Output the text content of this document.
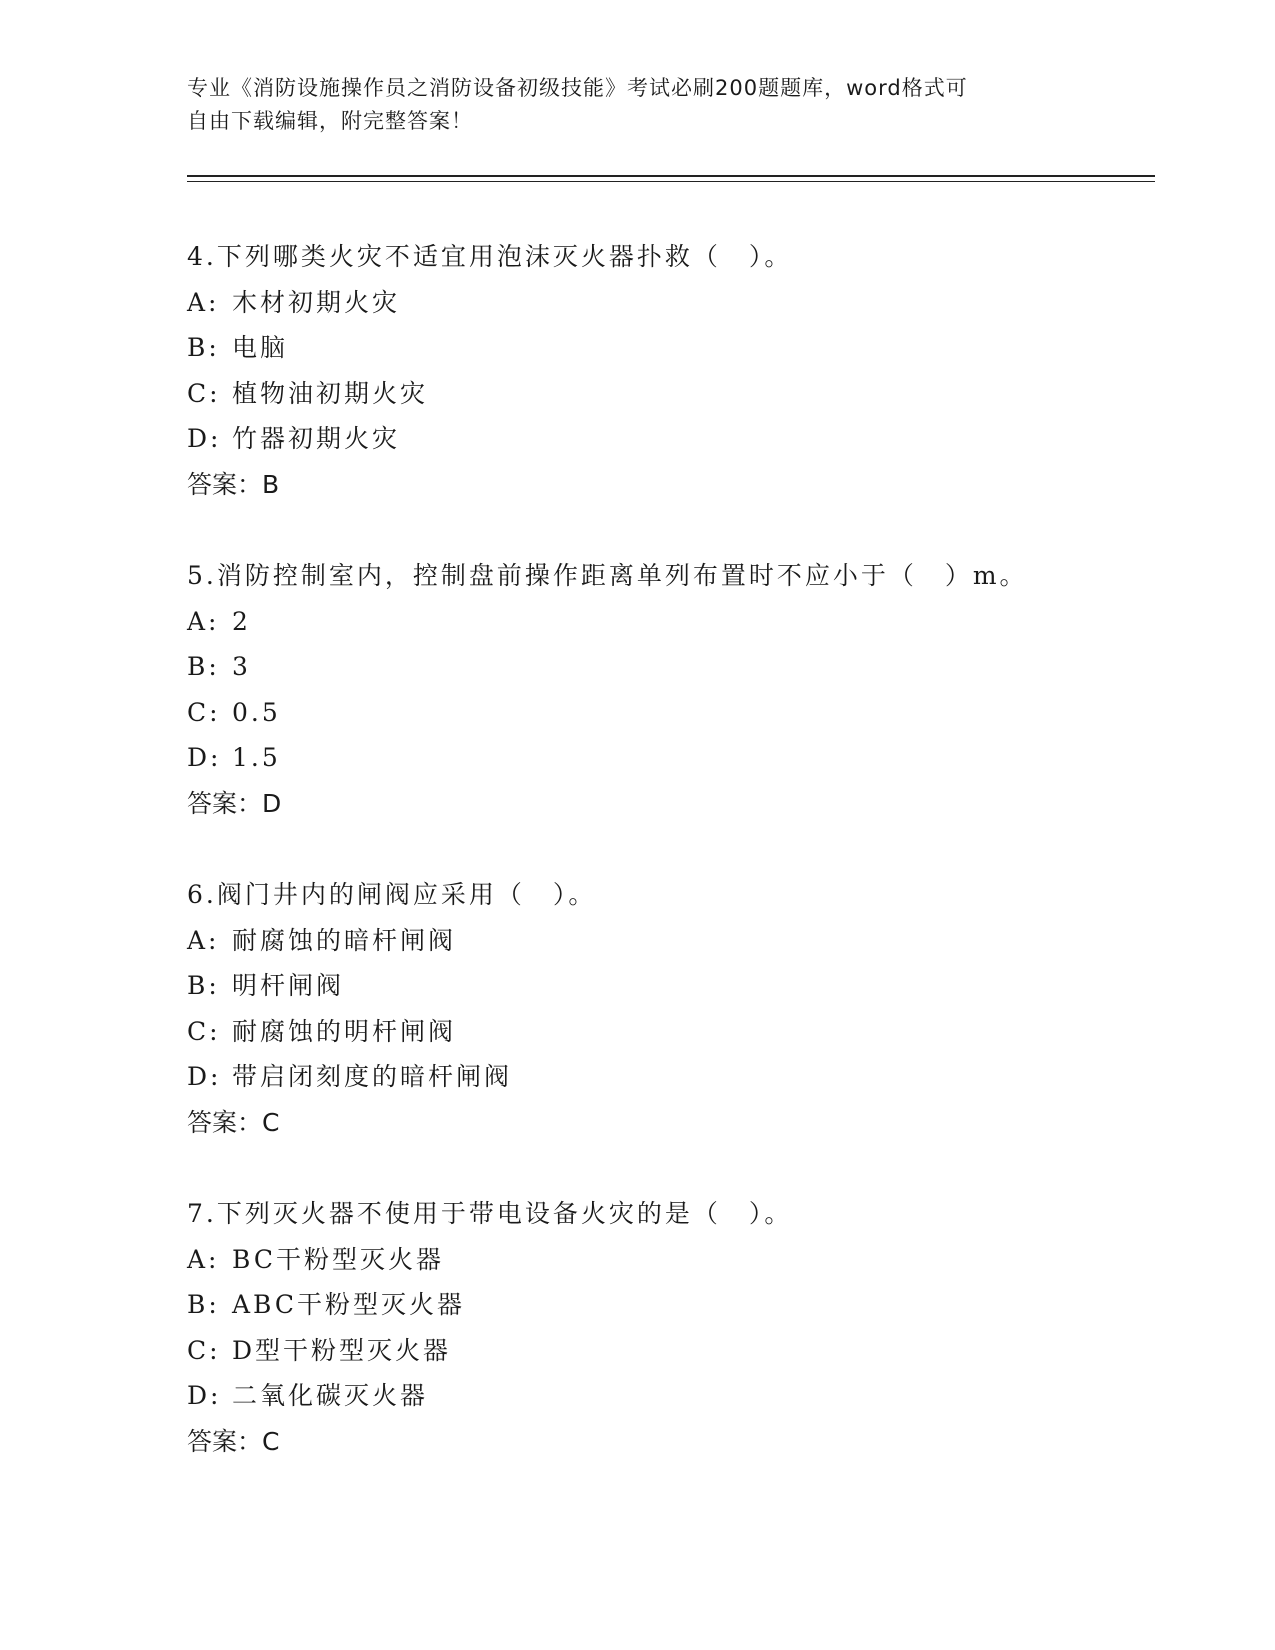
专业《消防设施操作员之消防设备初级技能》考试必刷200题题库，word格式可
自由下载编辑，附完整答案！
4.下列哪类火灾不适宜用泡沫灭火器扑救（　）。
A: 木材初期火灾
B: 电脑
C: 植物油初期火灾
D: 竹器初期火灾
答案：B
5.消防控制室内，控制盘前操作距离单列布置时不应小于（　）m。
A: 2
B: 3
C: 0.5
D: 1.5
答案：D
6.阀门井内的闸阀应采用（　）。
A: 耐腐蚀的暗杆闸阀
B: 明杆闸阀
C: 耐腐蚀的明杆闸阀
D: 带启闭刻度的暗杆闸阀
答案：C
7.下列灭火器不使用于带电设备火灾的是（　）。
A: BC干粉型灭火器
B: ABC干粉型灭火器
C: D型干粉型灭火器
D: 二氧化碳灭火器
答案：C
